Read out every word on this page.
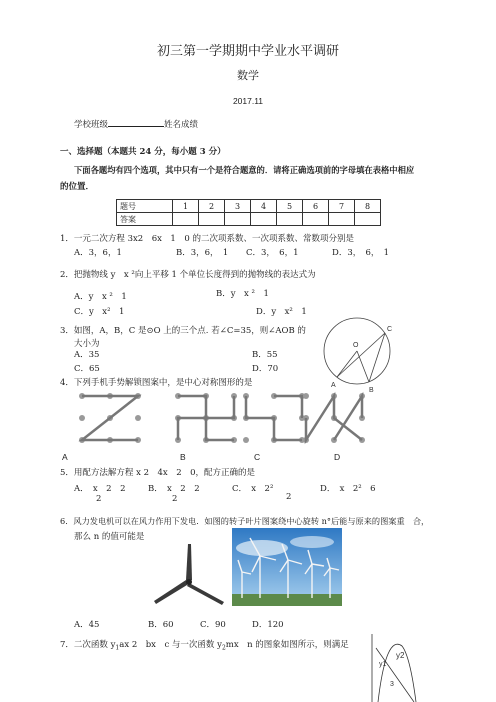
初三第一学期期中学业水平调研
数学
2017.11
学校班级	姓名成绩
一、选择题（本题共 24 分，每小题 3 分）
下面各题均有四个选项，其中只有一个是符合题意的．请将正确选项前的字母填在表格中相应
的位置．
题号	1	2	3	4	5	6	7	8
答案								
1．一元二次方程 3x2　6x　1　0 的二次项系数、一次项系数、常数项分别是
A．3，6，1	B．3，6，　1 C．3，　6，1	D．3，　6，　1
2．把抛物线 y　x ²向上平移 1 个单位长度得到的抛物线的表达式为
A．y　x ²　1	B．y　x ²　1
C．y　x²　1	D．y　x²　1
3．如图，A，B，C 是⊙O 上的三个点. 若∠C=35，则∠AOB 的
大小为
A．35	B．55
C．65	D．70
O
A
B
C
4．下列手机手势解锁图案中，是中心对称图形的是
A	B	C	D
5．用配方法解方程 x 2　4x　2　0，配方正确的是
A．　x　2　2
2
B．　x　2　2
2
C．　x　2²
2
D．　x　2²　6
6．风力发电机可以在风力作用下发电．如图的转子叶片图案绕中心旋转 n°后能与原来的图案重　合，
那么 n 的值可能是
A．45	B．60	C．90	D．120
7．二次函数 $y_1ax$ 2　bx　c 与一次函数 $y_2mx$　n 的图象如图所示，则满足
y1
y2
3
